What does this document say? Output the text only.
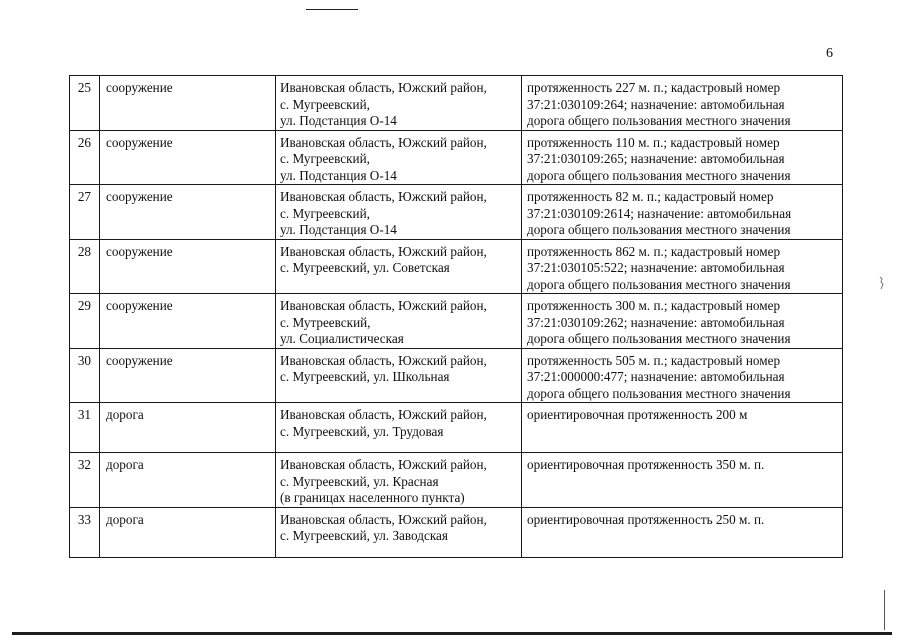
6
25	сооружение	Ивановская область, Южский район,
с. Мугреевский,
ул. Подстанция О-14	протяженность 227 м. п.; кадастровый номер
37:21:030109:264; назначение: автомобильная
дорога общего пользования местного значения
26	сооружение	Ивановская область, Южский район,
с. Мугреевский,
ул. Подстанция О-14	протяженность 110 м. п.; кадастровый номер
37:21:030109:265; назначение: автомобильная
дорога общего пользования местного значения
27	сооружение	Ивановская область, Южский район,
с. Мугреевский,
ул. Подстанция О-14	протяженность 82 м. п.; кадастровый номер
37:21:030109:2614; назначение: автомобильная
дорога общего пользования местного значения
28	сооружение	Ивановская область, Южский район,
с. Мугреевский, ул. Советская	протяженность 862 м. п.; кадастровый номер
37:21:030105:522; назначение: автомобильная
дорога общего пользования местного значения
29	сооружение	Ивановская область, Южский район,
с. Мутреевский,
ул. Социалистическая	протяженность 300 м. п.; кадастровый номер
37:21:030109:262; назначение: автомобильная
дорога общего пользования местного значения
30	сооружение	Ивановская область, Южский район,
с. Мугреевский, ул. Школьная	протяженность 505 м. п.; кадастровый номер
37:21:000000:477; назначение: автомобильная
дорога общего пользования местного значения
31	дорога	Ивановская область, Южский район,
с. Мугреевский, ул. Трудовая	ориентировочная протяженность 200 м
32	дорога	Ивановская область, Южский район,
с. Мугреевский, ул. Красная
(в границах населенного пункта)	ориентировочная протяженность 350 м. п.
33	дорога	Ивановская область, Южский район,
с. Мугреевский, ул. Заводская	ориентировочная протяженность 250 м. п.
